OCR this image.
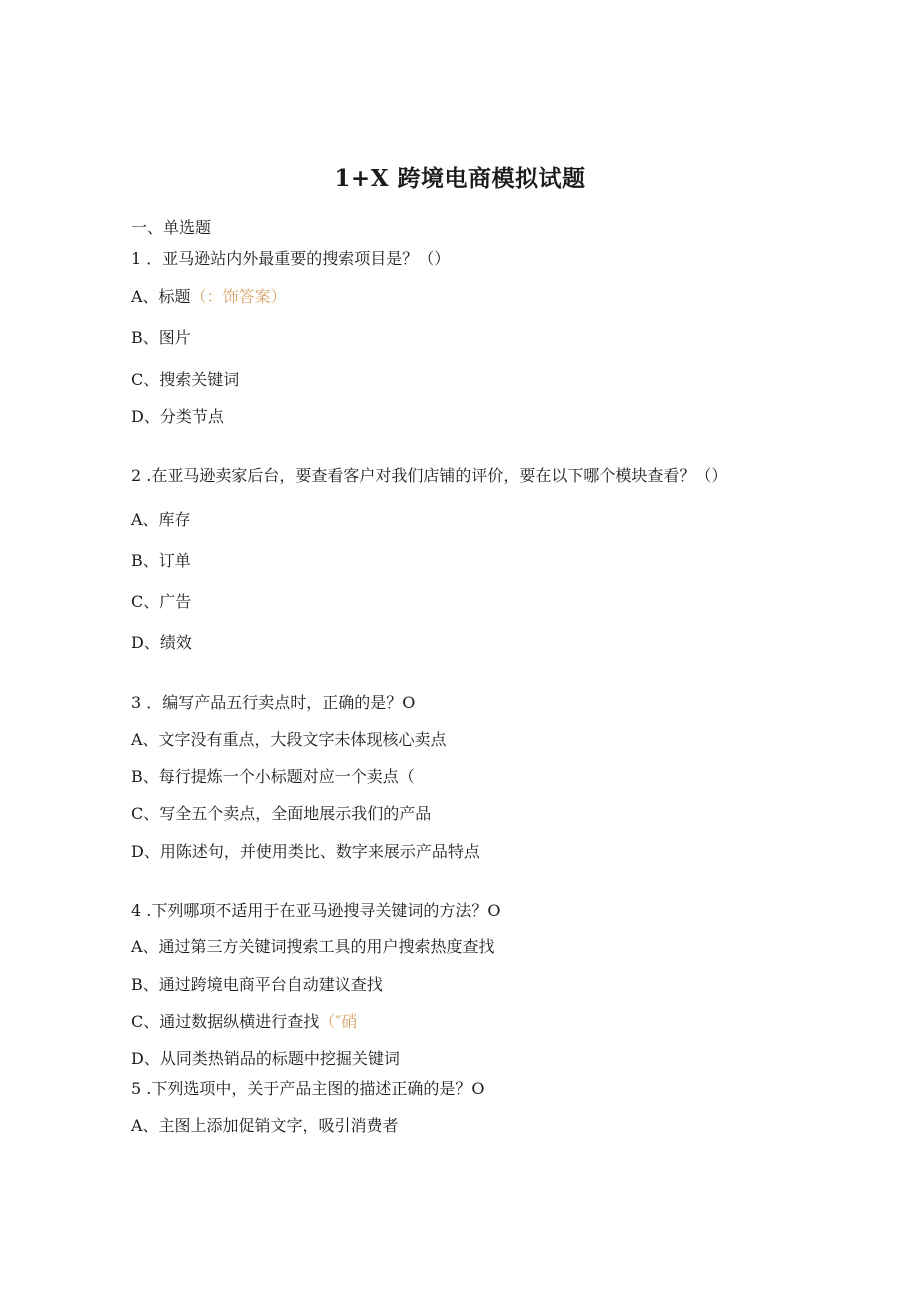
1+X 跨境电商模拟试题
一、单选题
1 ．亚马逊站内外最重要的搜索项目是？（）
A、标题（：饰答案）
B、图片
C、搜索关键词
D、分类节点
2 .在亚马逊卖家后台，要查看客户对我们店铺的评价，要在以下哪个模块查看？（）
A、库存
B、订单
C、广告
D、绩效
3 ．编写产品五行卖点时，正确的是？O
A、文字没有重点，大段文字未体现核心卖点
B、每行提炼一个小标题对应一个卖点（
C、写全五个卖点，全面地展示我们的产品
D、用陈述句，并使用类比、数字来展示产品特点
4 .下列哪项不适用于在亚马逊搜寻关键词的方法？O
A、通过第三方关键词搜索工具的用户搜索热度查找
B、通过跨境电商平台自动建议查找
C、通过数据纵横进行查找（″硝
D、从同类热销品的标题中挖掘关键词
5 .下列选项中，关于产品主图的描述正确的是？O
A、主图上添加促销文字，吸引消费者
